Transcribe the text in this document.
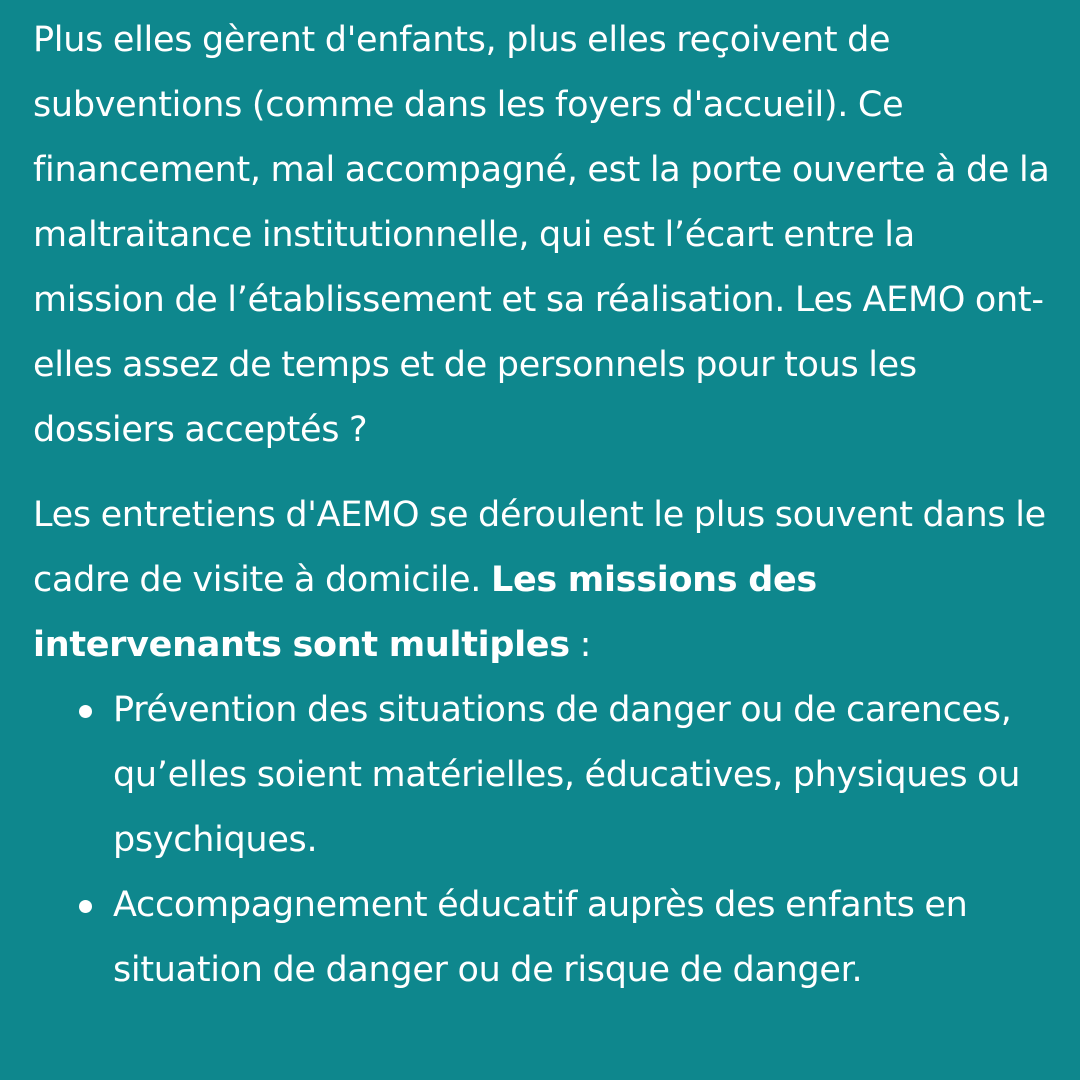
Plus elles gèrent d'enfants, plus elles reçoivent de subventions (comme dans les foyers d'accueil). Ce financement, mal accompagné, est la porte ouverte à de la maltraitance institutionnelle, qui est l’écart entre la mission de l’établissement et sa réalisation. Les AEMO ont-elles assez de temps et de personnels pour tous les dossiers acceptés ?

Les entretiens d'AEMO se déroulent le plus souvent dans le cadre de visite à domicile. Les missions des intervenants sont multiples :

Prévention des situations de danger ou de carences, qu’elles soient matérielles, éducatives, physiques ou psychiques.
Accompagnement éducatif auprès des enfants en situation de danger ou de risque de danger.
